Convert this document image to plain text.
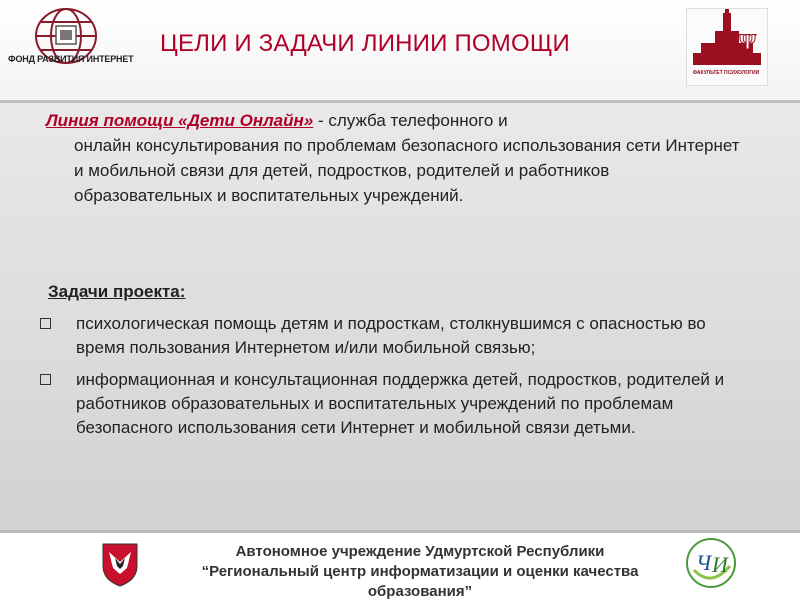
ФОНД РАЗВИТИЯ ИНТЕРНЕТ
ЦЕЛИ И ЗАДАЧИ ЛИНИИ ПОМОЩИ	Ψ
ФАКУЛЬТЕТ ПСИХОЛОГИИ
Линия помощи «Дети Онлайн» - служба телефонного и
онлайн консультирования по проблемам безопасного использования сети Интернет и мобильной связи для детей, подростков, родителей и работников образовательных и воспитательных учреждений.
Задачи проекта:
психологическая помощь детям и подросткам, столкнувшимся с опасностью во время пользования Интернетом и/или мобильной связью;
информационная и консультационная поддержка детей, подростков, родителей и работников образовательных и воспитательных учреждений по проблемам безопасного использования сети Интернет и мобильной связи детьми.
Автономное учреждение Удмуртской Республики
“Региональный центр информатизации и оценки качества образования”
Ч И
